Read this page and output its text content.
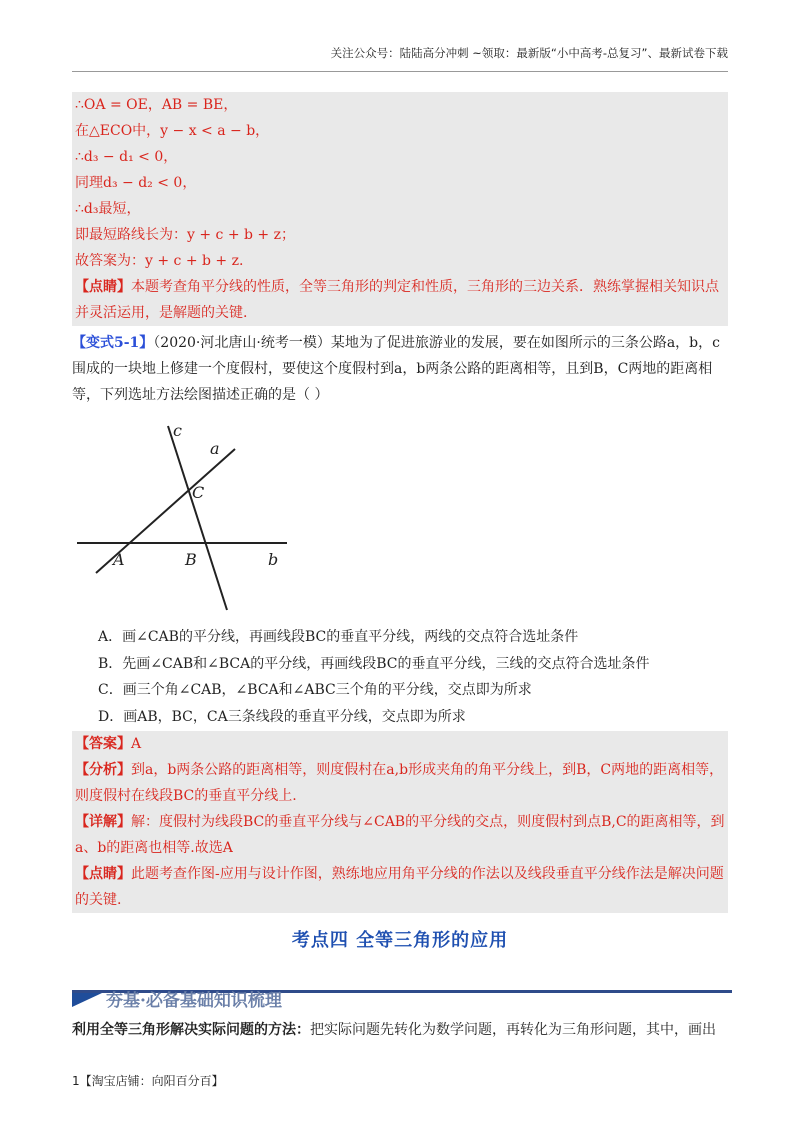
关注公众号：陆陆高分冲刺 ~领取：最新版“小中高考-总复习”、最新试卷下载
∴OA = OE，AB = BE，
在△ECO中，y − x < a − b，
∴d₃ − d₁ < 0，
同理d₃ − d₂ < 0，
∴d₃最短，
即最短路线长为：y + c + b + z；
故答案为：y + c + b + z.
【点睛】本题考查角平分线的性质，全等三角形的判定和性质，三角形的三边关系．熟练掌握相关知识点并灵活运用，是解题的关键.
【变式5-1】（2020·河北唐山·统考一模）某地为了促进旅游业的发展，要在如图所示的三条公路a，b，c围成的一块地上修建一个度假村，要使这个度假村到a，b两条公路的距离相等，且到B，C两地的距离相等，下列选址方法绘图描述正确的是（ ）
c
a
C
A	B	b
A．画∠CAB的平分线，再画线段BC的垂直平分线，两线的交点符合选址条件
B．先画∠CAB和∠BCA的平分线，再画线段BC的垂直平分线，三线的交点符合选址条件
C．画三个角∠CAB，∠BCA和∠ABC三个角的平分线，交点即为所求
D．画AB，BC，CA三条线段的垂直平分线，交点即为所求
【答案】A
【分析】到a，b两条公路的距离相等，则度假村在a,b形成夹角的角平分线上，到B，C两地的距离相等，则度假村在线段BC的垂直平分线上.
【详解】解：度假村为线段BC的垂直平分线与∠CAB的平分线的交点，则度假村到点B,C的距离相等，到a、b的距离也相等.故选A
【点睛】此题考查作图-应用与设计作图，熟练地应用角平分线的作法以及线段垂直平分线作法是解决问题的关键.
考点四 全等三角形的应用
夯基·必备基础知识梳理
利用全等三角形解决实际问题的方法：把实际问题先转化为数学问题，再转化为三角形问题，其中，画出
1【淘宝店铺：向阳百分百】
